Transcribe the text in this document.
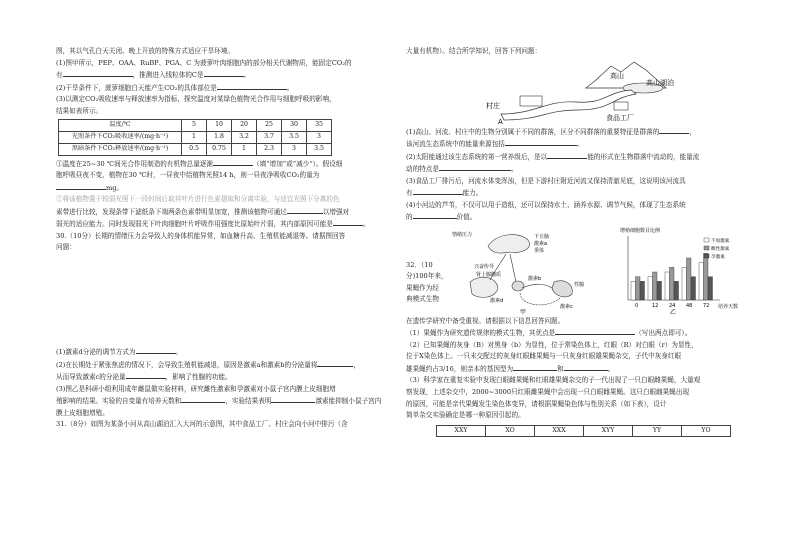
图，其以气孔白天关闭、晚上开放的特殊方式适应干旱环境。

(1)图甲所示，PEP、OAA、RuBP、PGA、C 为菠萝叶肉细胞内的部分相关代谢物质，能固定CO₂的

有	，推测进入线粒体的C是	。

(2)干旱条件下，菠萝细胞白天能产生CO₂的具体部位是	。

(3)以测定CO₂吸收速率与释放速率为指标，探究温度对某绿色植物光合作用与细胞呼吸的影响，

结果如表所示。

温度/℃	5	10	20	25	30	35
光照条件下CO₂吸收速率/(mg·h⁻¹)	1	1.8	3.2	3.7	3.5	3
黑暗条件下CO₂释放速率/(mg·h⁻¹)	0.5	0.75	1	2.3	3	3.5

①温度在25~30 ℃间光合作用制造的有机物总量逐渐	（填“增加”或“减少”）。假设细

胞呼吸昼夜不变，植物在30 ℃时，一昼夜中给植物光照14 h，则一昼夜净吸收CO₂的量为

mg。

②将该植物置于较弱光照下一段时间后取其叶片进行色素提取和分离实验，与适宜光照下分离的色

素带进行比较，发现条带下滤纸条下端两条色素带明显加宽，推测该植物可通过	以增强对

弱光的适应能力。同时发现弱光下叶肉细胞叶片呼吸作用强度比原始叶片弱，其内部原因可能是	。

30.（10分）长期的情绪压力会导致人的身体机能异常，如血糖升高、生殖机能减退等。请据图回答

问题：

(1)激素d分泌的调节方式为	。

(2)在长期处于紧张焦虑的情况下，会导致生殖机能减退，原因是激素a和激素b的分泌量将	，

从而导致激素c的分泌量	，影响了性腺的功能。

(3)图乙是科研小组利用成年雌鼠做实验材料，研究雌性激素和孕激素对小鼠子宫内膜上皮细胞增

殖影响的结果。实验的自变量有培养天数和	，实验结果表明	激素能抑制小鼠子宫内

膜上皮细胞增殖。

31.（8分）如图为某条小河从高山湖泊汇入大河的示意图，其中食品工厂、村庄会向小河中排污（含

大量有机物）。结合所学知识，回答下列问题：

高山
高山湖泊
村庄
食品工厂
A

(1)高山、河流、村庄中的生物分别属于不同的群落，区分不同群落的重要特征是群落的	，

该河流生态系统中的能量来源包括	。

(2)太阳能通过该生态系统的第一营养级后，是以	能的形式在生物群落中流动的，能量流

动的特点是	。

(3)食品工厂排污后，河流水体变浑浊，但是下游村庄附近河流又保持清澈见底，这说明该河流具

有	能力。

(4)小河边的芦苇，不仅可以用于造纸，还可以保持水土、涵养水源、调节气候，体现了生态系统

的	价值。

32．（10

分)100年来，

果蝇作为经

典模式生物

情绪压力	下丘脑
激素a
垂体
兴奋传导
肾上腺髓质
激素b
激素d
性腺
激素c
甲
增殖细胞数目比例
0	12 24 48 72
不加激素
雌性激素
孕激素
培养天数
乙

在遗传学研究中备受重视。请根据以下信息回答问题。

（1）果蝇作为研究遗传规律的模式生物，其优点是	（写出两点即可）。

（2）已知果蝇的灰身（B）对黑身（b）为显性，位于常染色体上，红眼（R）对白眼（r）为显性，

位于X染色体上。一只未交配过的灰身红眼雌果蝇与一只灰身红眼雄果蝇杂交，子代中灰身红眼

雄果蝇约占3/16，则亲本的基因型为	和	。

（3）科学家在重复实验中发现白眼雌果蝇和红眼雄果蝇杂交的子一代出现了一只白眼雌果蝇，大量观

察发现，上述杂交中，2000~3000只红眼雌果蝇中会出现一只白眼雌果蝇。这只白眼雌果蝇出现

的原因，可能是亲代果蝇发生染色体变异，请根据果蝇染色体与性别关系（如下表），设计

简单杂交实验确定是哪一种原因引起的。

XXY	XO	XXX	XYY	YY	YO
